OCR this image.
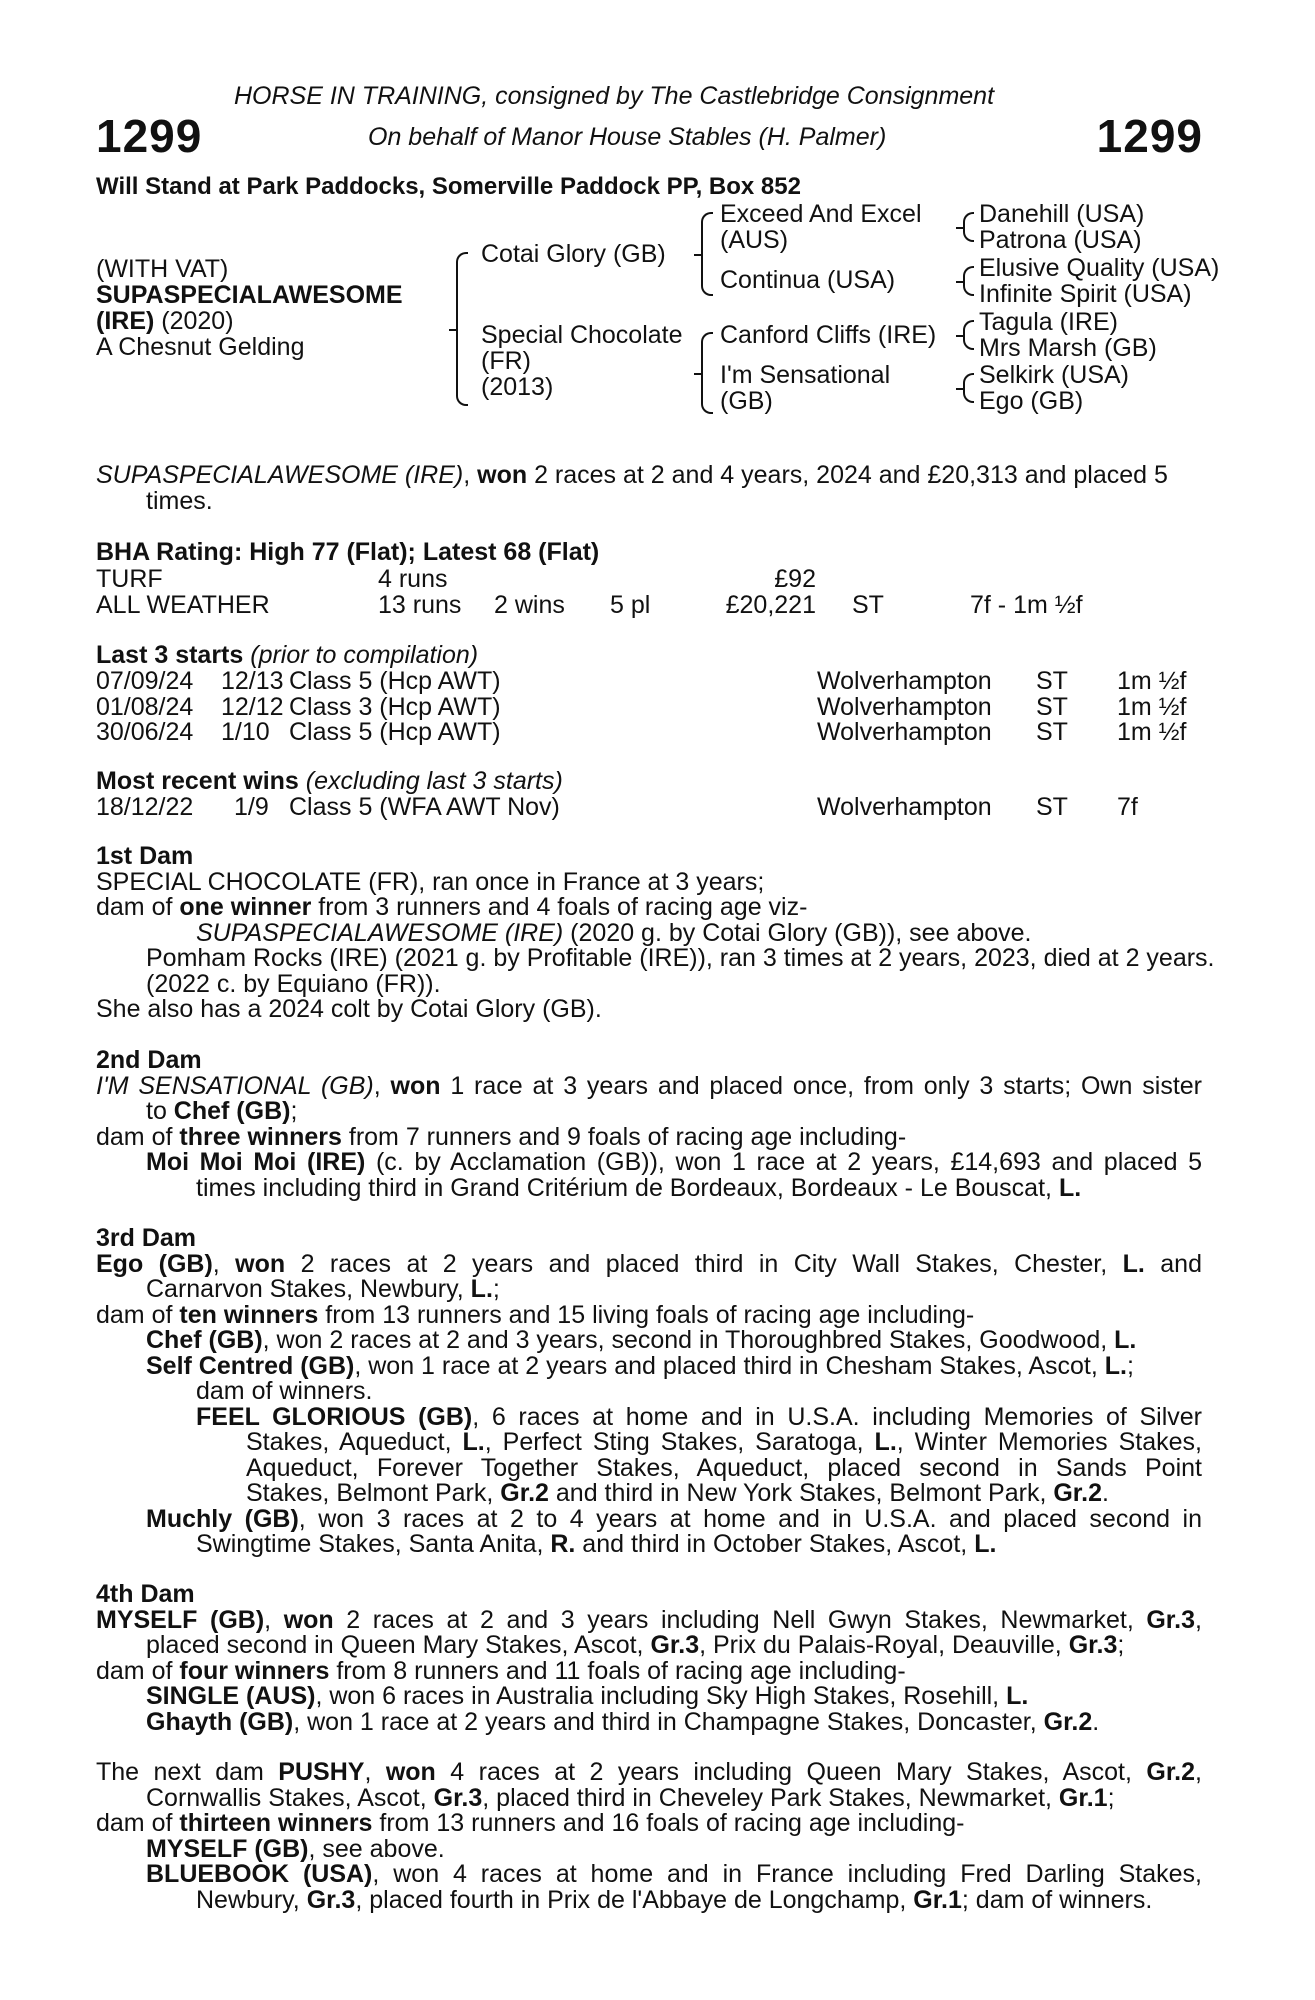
1299	1299
HORSE IN TRAINING, consigned by The Castlebridge Consignment
On behalf of Manor House Stables (H. Palmer)
Will Stand at Park Paddocks, Somerville Paddock PP, Box 852
(WITH VAT)
SUPASPECIALAWESOME
(IRE) (2020)
A Chesnut Gelding
Cotai Glory (GB)
Special Chocolate
(FR)
(2013)
Exceed And Excel
(AUS)
Continua (USA)
Canford Cliffs (IRE)
I'm Sensational
(GB)
Danehill (USA)
Patrona (USA)
Elusive Quality (USA)
Infinite Spirit (USA)
Tagula (IRE)
Mrs Marsh (GB)
Selkirk (USA)
Ego (GB)
SUPASPECIALAWESOME (IRE), won 2 races at 2 and 4 years, 2024 and £20,313 and placed 5
times.
BHA Rating: High 77 (Flat); Latest 68 (Flat)
TURF	4 runs	£92
ALL WEATHER	13 runs 2 wins 5 pl	£20,221 ST	7f - 1m ½f
Last 3 starts (prior to compilation)
07/09/24 12/13 Class 5 (Hcp AWT)	Wolverhampton ST 1m ½f
01/08/24 12/12 Class 3 (Hcp AWT)	Wolverhampton ST 1m ½f
30/06/24 1/10 Class 5 (Hcp AWT)	Wolverhampton ST 1m ½f
Most recent wins (excluding last 3 starts)
18/12/22 1/9 Class 5 (WFA AWT Nov)	Wolverhampton ST 7f
1st Dam
SPECIAL CHOCOLATE (FR), ran once in France at 3 years;
dam of one winner from 3 runners and 4 foals of racing age viz-
SUPASPECIALAWESOME (IRE) (2020 g. by Cotai Glory (GB)), see above.
Pomham Rocks (IRE) (2021 g. by Profitable (IRE)), ran 3 times at 2 years, 2023, died at 2 years.
(2022 c. by Equiano (FR)).
She also has a 2024 colt by Cotai Glory (GB).
2nd Dam
I'M SENSATIONAL (GB), won 1 race at 3 years and placed once, from only 3 starts; Own sister
to Chef (GB);
dam of three winners from 7 runners and 9 foals of racing age including-
Moi Moi Moi (IRE) (c. by Acclamation (GB)), won 1 race at 2 years, £14,693 and placed 5
times including third in Grand Critérium de Bordeaux, Bordeaux - Le Bouscat, L.
3rd Dam
Ego (GB), won 2 races at 2 years and placed third in City Wall Stakes, Chester, L. and
Carnarvon Stakes, Newbury, L.;
dam of ten winners from 13 runners and 15 living foals of racing age including-
Chef (GB), won 2 races at 2 and 3 years, second in Thoroughbred Stakes, Goodwood, L.
Self Centred (GB), won 1 race at 2 years and placed third in Chesham Stakes, Ascot, L.;
dam of winners.
FEEL GLORIOUS (GB), 6 races at home and in U.S.A. including Memories of Silver
Stakes, Aqueduct, L., Perfect Sting Stakes, Saratoga, L., Winter Memories Stakes,
Aqueduct, Forever Together Stakes, Aqueduct, placed second in Sands Point
Stakes, Belmont Park, Gr.2 and third in New York Stakes, Belmont Park, Gr.2.
Muchly (GB), won 3 races at 2 to 4 years at home and in U.S.A. and placed second in
Swingtime Stakes, Santa Anita, R. and third in October Stakes, Ascot, L.
4th Dam
MYSELF (GB), won 2 races at 2 and 3 years including Nell Gwyn Stakes, Newmarket, Gr.3,
placed second in Queen Mary Stakes, Ascot, Gr.3, Prix du Palais-Royal, Deauville, Gr.3;
dam of four winners from 8 runners and 11 foals of racing age including-
SINGLE (AUS), won 6 races in Australia including Sky High Stakes, Rosehill, L.
Ghayth (GB), won 1 race at 2 years and third in Champagne Stakes, Doncaster, Gr.2.
The next dam PUSHY, won 4 races at 2 years including Queen Mary Stakes, Ascot, Gr.2,
Cornwallis Stakes, Ascot, Gr.3, placed third in Cheveley Park Stakes, Newmarket, Gr.1;
dam of thirteen winners from 13 runners and 16 foals of racing age including-
MYSELF (GB), see above.
BLUEBOOK (USA), won 4 races at home and in France including Fred Darling Stakes,
Newbury, Gr.3, placed fourth in Prix de l'Abbaye de Longchamp, Gr.1; dam of winners.
